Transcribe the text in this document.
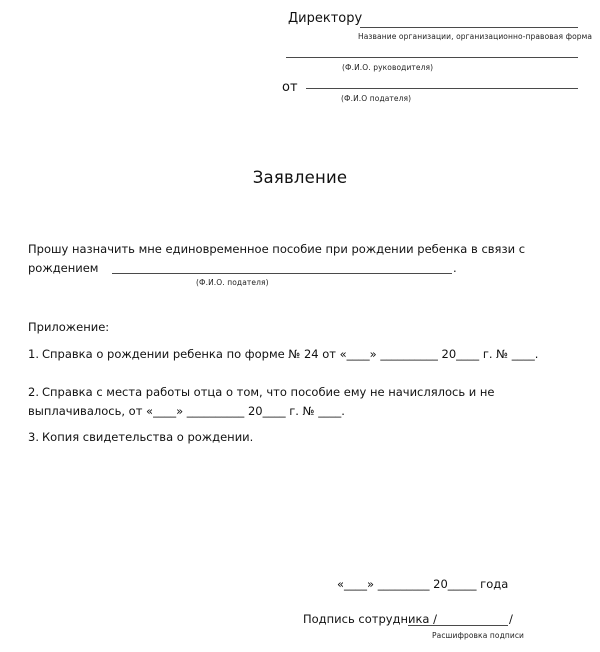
Директору
Название организации, организационно-правовая форма
(Ф.И.О. руководителя)
от
(Ф.И.О подателя)
Заявление
Прошу назначить мне единовременное пособие при рождении ребенка в связи с
рождением	.
(Ф.И.О. подателя)
Приложение:
1. Справка о рождении ребенка по форме № 24 от «____» __________ 20____ г. № ____.
2. Справка с места работы отца о том, что пособие ему не начислялось и не
выплачивалось, от «____» __________ 20____ г. № ____.
3. Копия свидетельства о рождении.
«____» _________ 20_____ года
Подпись сотрудника /	/
Расшифровка подписи
